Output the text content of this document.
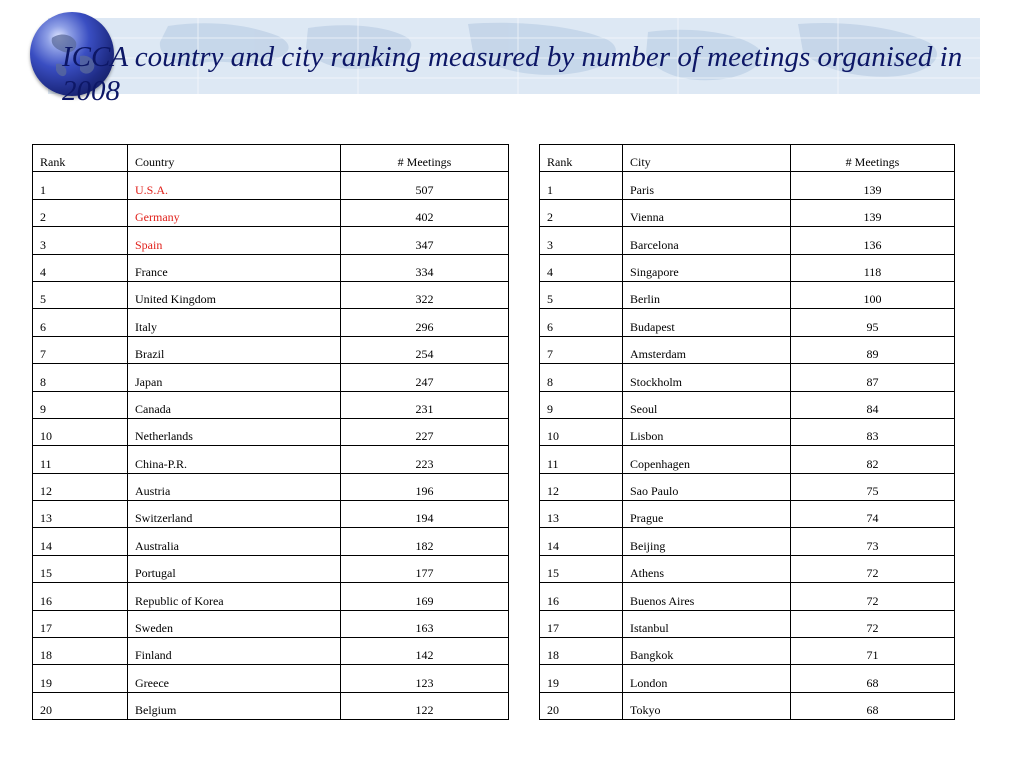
ICCA country and city ranking measured by number of meetings organised in 2008
Rank	Country	# Meetings
1	U.S.A.	507
2	Germany	402
3	Spain	347
4	France	334
5	United Kingdom	322
6	Italy	296
7	Brazil	254
8	Japan	247
9	Canada	231
10	Netherlands	227
11	China-P.R.	223
12	Austria	196
13	Switzerland	194
14	Australia	182
15	Portugal	177
16	Republic of Korea	169
17	Sweden	163
18	Finland	142
19	Greece	123
20	Belgium	122
Rank	City	# Meetings
1	Paris	139
2	Vienna	139
3	Barcelona	136
4	Singapore	118
5	Berlin	100
6	Budapest	95
7	Amsterdam	89
8	Stockholm	87
9	Seoul	84
10	Lisbon	83
11	Copenhagen	82
12	Sao Paulo	75
13	Prague	74
14	Beijing	73
15	Athens	72
16	Buenos Aires	72
17	Istanbul	72
18	Bangkok	71
19	London	68
20	Tokyo	68
